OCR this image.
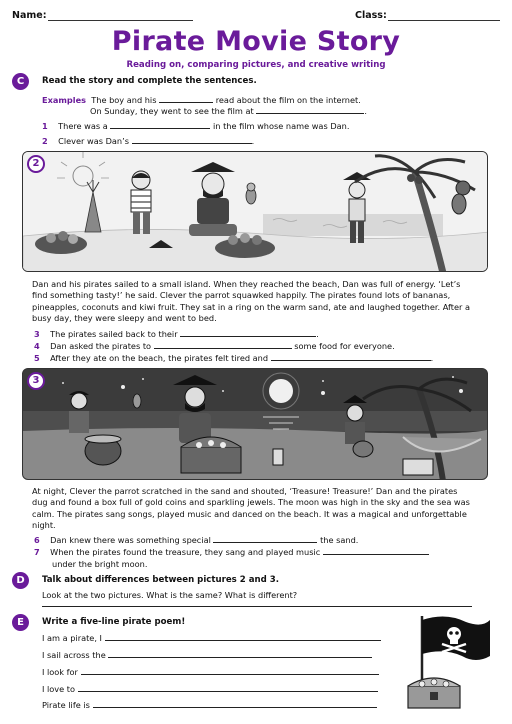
Name:	Class:
Pirate Movie Story
Reading on, comparing pictures, and creative writing
C	Read the story and complete the sentences.
Examples The boy and his	read about the film on the internet.
On Sunday, they went to see the film at	.
1 There was a	in the film whose name was Dan.
2 Clever was Dan’s	.
2
Dan and his pirates sailed to a small island. When they reached the beach, Dan was full of energy. ‘Let’s find something tasty!’ he said. Clever the parrot squawked happily. The pirates found lots of bananas, pineapples, coconuts and kiwi fruit. They sat in a ring on the warm sand, ate and laughed together. After a busy day, they were sleepy and went to bed.
3 The pirates sailed back to their	.
4 Dan asked the pirates to	some food for everyone.
5 After they ate on the beach, the pirates felt tired and	.
3
At night, Clever the parrot scratched in the sand and shouted, ‘Treasure! Treasure!’ Dan and the pirates dug and found a box full of gold coins and sparkling jewels. The moon was high in the sky and the sea was calm. The pirates sang songs, played music and danced on the beach. It was a magical and unforgettable night.
6 Dan knew there was something special	the sand.
7 When the pirates found the treasure, they sang and played music
under the bright moon.
D	Talk about differences between pictures 2 and 3.
Look at the two pictures. What is the same? What is different?
E	Write a five-line pirate poem!
I am a pirate, I
I sail across the
I look for
I love to
Pirate life is
